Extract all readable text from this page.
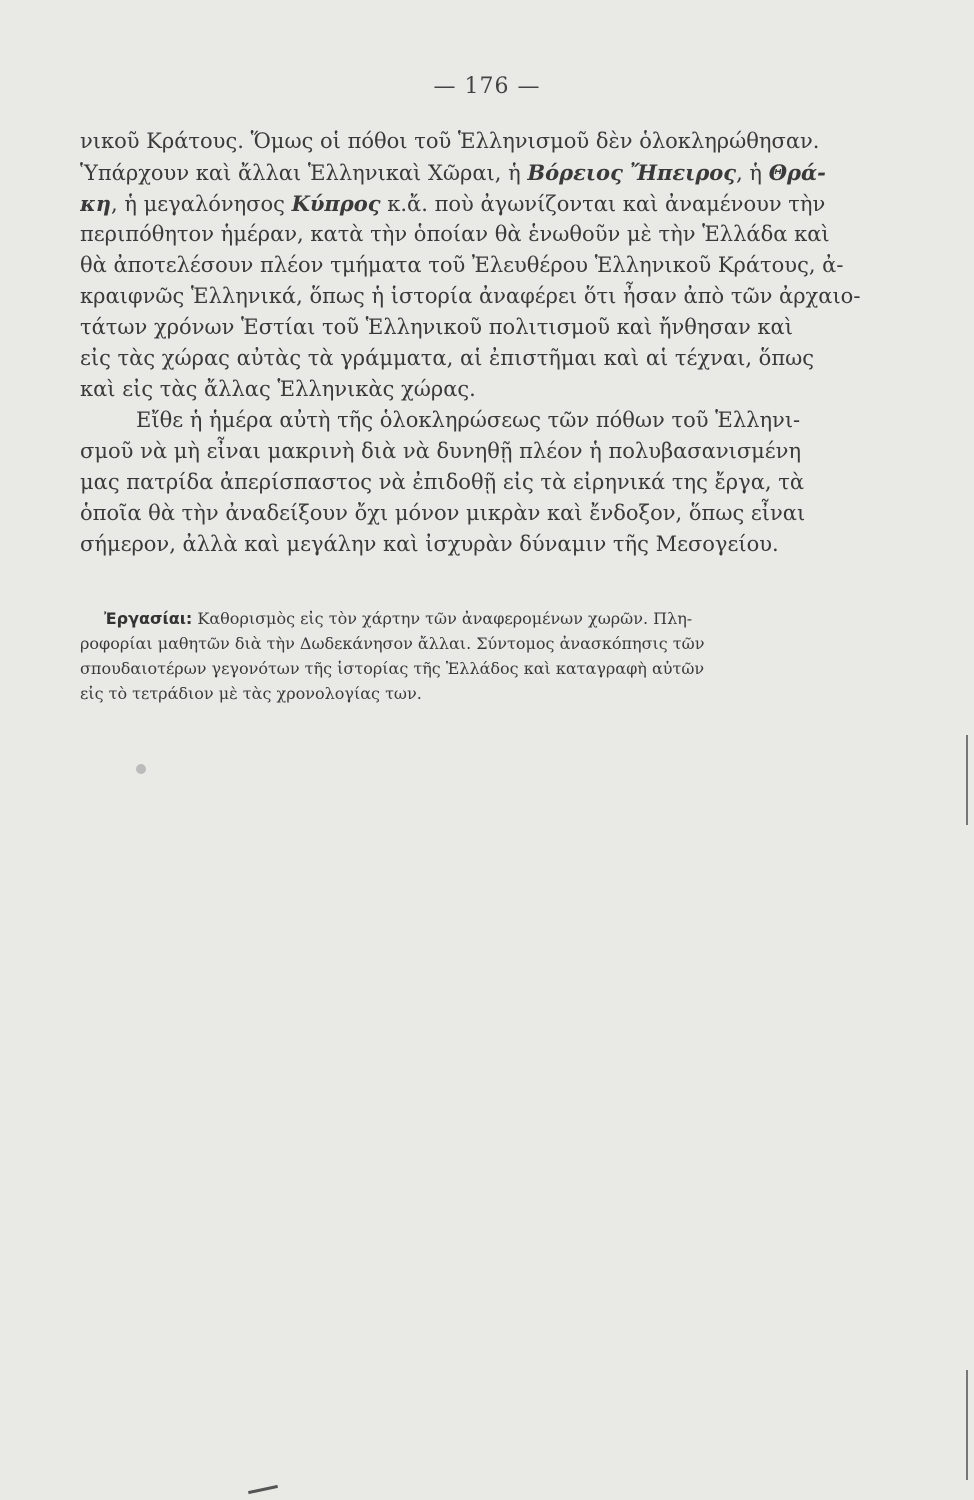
— 176 —
νικοῦ Κράτους. Ὅμως οἱ πόθοι τοῦ Ἑλληνισμοῦ δὲν ὁλοκληρώθησαν.
Ὑπάρχουν καὶ ἄλλαι Ἑλληνικαὶ Χῶραι, ἡ Βόρειος Ἤπειρος, ἡ Θρά-
κη, ἡ μεγαλόνησος Κύπρος κ.ἄ. ποὺ ἀγωνίζονται καὶ ἀναμένουν τὴν
περιπόθητον ἡμέραν, κατὰ τὴν ὁποίαν θὰ ἑνωθοῦν μὲ τὴν Ἑλλάδα καὶ
θὰ ἀποτελέσουν πλέον τμήματα τοῦ Ἐλευθέρου Ἑλληνικοῦ Κράτους, ἀ-
κραιφνῶς Ἑλληνικά, ὅπως ἡ ἱστορία ἀναφέρει ὅτι ἦσαν ἀπὸ τῶν ἀρχαιο-
τάτων χρόνων Ἑστίαι τοῦ Ἑλληνικοῦ πολιτισμοῦ καὶ ἤνθησαν καὶ
εἰς τὰς χώρας αὐτὰς τὰ γράμματα, αἱ ἐπιστῆμαι καὶ αἱ τέχναι, ὅπως
καὶ εἰς τὰς ἄλλας Ἑλληνικὰς χώρας.
Εἴθε ἡ ἡμέρα αὐτὴ τῆς ὁλοκληρώσεως τῶν πόθων τοῦ Ἑλληνι-
σμοῦ νὰ μὴ εἶναι μακρινὴ διὰ νὰ δυνηθῇ πλέον ἡ πολυβασανισμένη
μας πατρίδα ἀπερίσπαστος νὰ ἐπιδοθῇ εἰς τὰ εἰρηνικά της ἔργα, τὰ
ὁποῖα θὰ τὴν ἀναδείξουν ὄχι μόνον μικρὰν καὶ ἔνδοξον, ὅπως εἶναι
σήμερον, ἀλλὰ καὶ μεγάλην καὶ ἰσχυρὰν δύναμιν τῆς Μεσογείου.
Ἐργασίαι: Καθορισμὸς εἰς τὸν χάρτην τῶν ἀναφερομένων χωρῶν. Πλη-
ροφορίαι μαθητῶν διὰ τὴν Δωδεκάνησον ἄλλαι. Σύντομος ἀνασκόπησις τῶν
σπουδαιοτέρων γεγονότων τῆς ἱστορίας τῆς Ἑλλάδος καὶ καταγραφὴ αὐτῶν
εἰς τὸ τετράδιον μὲ τὰς χρονολογίας των.
